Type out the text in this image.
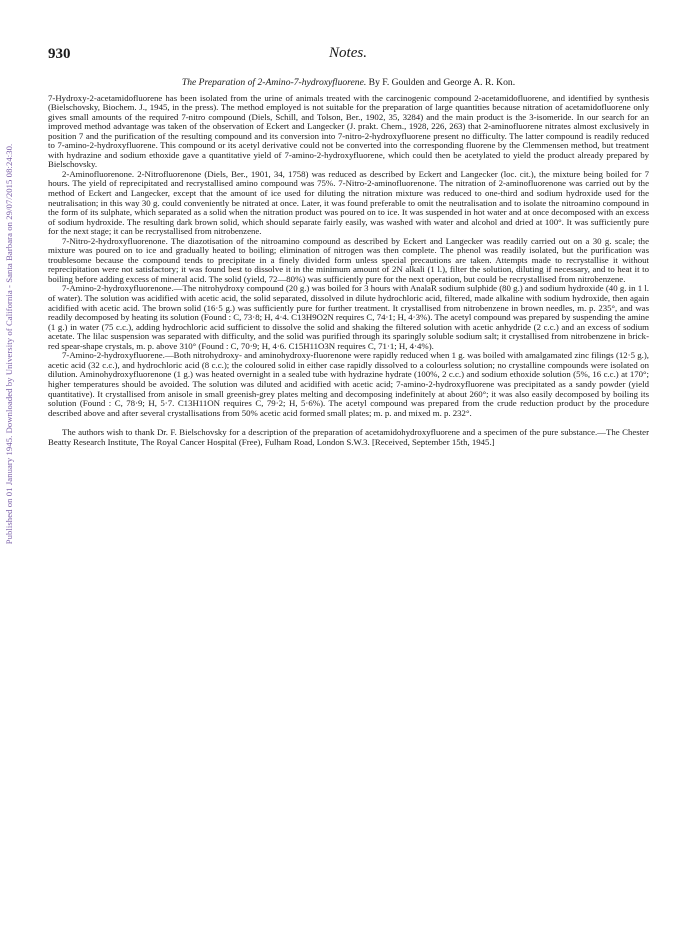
Published on 01 January 1945. Downloaded by University of California - Santa Barbara on 29/07/2015 08:24:30.
930	Notes.
The Preparation of 2-Amino-7-hydroxyfluorene. By F. Goulden and George A. R. Kon.

7-Hydroxy-2-acetamidofluorene has been isolated from the urine of animals treated with the carcinogenic compound 2-acetamidofluorene, and identified by synthesis (Bielschovsky, Biochem. J., 1945, in the press). The method employed is not suitable for the preparation of large quantities because nitration of acetamidofluorene only gives small amounts of the required 7-nitro compound (Diels, Schill, and Tolson, Ber., 1902, 35, 3284) and the main product is the 3-isomeride. In our search for an improved method advantage was taken of the observation of Eckert and Langecker (J. prakt. Chem., 1928, 226, 263) that 2-aminofluorene nitrates almost exclusively in position 7 and the purification of the resulting compound and its conversion into 7-nitro-2-hydroxyfluorene present no difficulty. The latter compound is readily reduced to 7-amino-2-hydroxyfluorene. This compound or its acetyl derivative could not be converted into the corresponding fluorene by the Clemmensen method, but treatment with hydrazine and sodium ethoxide gave a quantitative yield of 7-amino-2-hydroxyfluorene, which could then be acetylated to yield the product already prepared by Bielschovsky.

2-Aminofluorenone. 2-Nitrofluorenone (Diels, Ber., 1901, 34, 1758) was reduced as described by Eckert and Langecker (loc. cit.), the mixture being boiled for 7 hours. The yield of reprecipitated and recrystallised amino compound was 75%. 7-Nitro-2-aminofluorenone. The nitration of 2-aminofluorenone was carried out by the method of Eckert and Langecker, except that the amount of ice used for diluting the nitration mixture was reduced to one-third and sodium hydroxide used for the neutralisation; in this way 30 g. could conveniently be nitrated at once. Later, it was found preferable to omit the neutralisation and to isolate the nitroamino compound in the form of its sulphate, which separated as a solid when the nitration product was poured on to ice. It was suspended in hot water and at once decomposed with an excess of sodium hydroxide. The resulting dark brown solid, which should separate fairly easily, was washed with water and alcohol and dried at 100°. It was sufficiently pure for the next stage; it can be recrystallised from nitrobenzene.

7-Nitro-2-hydroxyfluorenone. The diazotisation of the nitroamino compound as described by Eckert and Langecker was readily carried out on a 30 g. scale; the mixture was poured on to ice and gradually heated to boiling; elimination of nitrogen was then complete. The phenol was readily isolated, but the purification was troublesome because the compound tends to precipitate in a finely divided form unless special precautions are taken. Attempts made to recrystallise it without reprecipitation were not satisfactory; it was found best to dissolve it in the minimum amount of 2N alkali (1 l.), filter the solution, diluting if necessary, and to heat it to boiling before adding excess of mineral acid. The solid (yield, 72—80%) was sufficiently pure for the next operation, but could be recrystallised from nitrobenzene.

7-Amino-2-hydroxyfluorenone.—The nitrohydroxy compound (20 g.) was boiled for 3 hours with AnalaR sodium sulphide (80 g.) and sodium hydroxide (40 g. in 1 l. of water). The solution was acidified with acetic acid, the solid separated, dissolved in dilute hydrochloric acid, filtered, made alkaline with sodium hydroxide, then again acidified with acetic acid. The brown solid (16·5 g.) was sufficiently pure for further treatment. It crystallised from nitrobenzene in brown needles, m. p. 235°, and was readily decomposed by heating its solution (Found : C, 73·8; H, 4·4. C13H9O2N requires C, 74·1; H, 4·3%). The acetyl compound was prepared by suspending the amine (1 g.) in water (75 c.c.), adding hydrochloric acid sufficient to dissolve the solid and shaking the filtered solution with acetic anhydride (2 c.c.) and an excess of sodium acetate. The lilac suspension was separated with difficulty, and the solid was purified through its sparingly soluble sodium salt; it crystallised from nitrobenzene in brick-red spear-shape crystals, m. p. above 310° (Found : C, 70·9; H, 4·6. C15H11O3N requires C, 71·1; H, 4·4%).

7-Amino-2-hydroxyfluorene.—Both nitrohydroxy- and aminohydroxy-fluorenone were rapidly reduced when 1 g. was boiled with amalgamated zinc filings (12·5 g.), acetic acid (32 c.c.), and hydrochloric acid (8 c.c.); the coloured solid in either case rapidly dissolved to a colourless solution; no crystalline compounds were isolated on dilution. Aminohydroxyfluorenone (1 g.) was heated overnight in a sealed tube with hydrazine hydrate (100%, 2 c.c.) and sodium ethoxide solution (5%, 16 c.c.) at 170°; higher temperatures should be avoided. The solution was diluted and acidified with acetic acid; 7-amino-2-hydroxyfluorene was precipitated as a sandy powder (yield quantitative). It crystallised from anisole in small greenish-grey plates melting and decomposing indefinitely at about 260°; it was also easily decomposed by boiling its solution (Found : C, 78·9; H, 5·7. C13H11ON requires C, 79·2; H, 5·6%). The acetyl compound was prepared from the crude reduction product by the procedure described above and after several crystallisations from 50% acetic acid formed small plates; m. p. and mixed m. p. 232°.

The authors wish to thank Dr. F. Bielschovsky for a description of the preparation of acetamidohydroxyfluorene and a specimen of the pure substance.—The Chester Beatty Research Institute, The Royal Cancer Hospital (Free), Fulham Road, London S.W.3. [Received, September 15th, 1945.]
